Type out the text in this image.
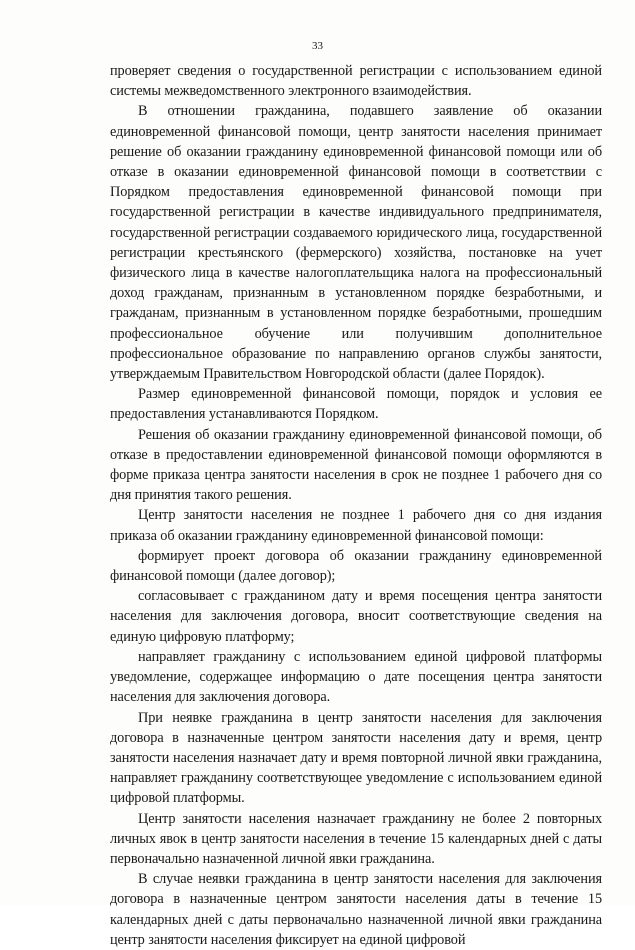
33

проверяет сведения о государственной регистрации с использованием единой системы межведомственного электронного взаимодействия.

В отношении гражданина, подавшего заявление об оказании единовременной финансовой помощи, центр занятости населения принимает решение об оказании гражданину единовременной финансовой помощи или об отказе в оказании единовременной финансовой помощи в соответствии с Порядком предоставления единовременной финансовой помощи при государственной регистрации в качестве индивидуального предпринимателя, государственной регистрации создаваемого юридического лица, государственной регистрации крестьянского (фермерского) хозяйства, постановке на учет физического лица в качестве налогоплательщика налога на профессиональный доход гражданам, признанным в установленном порядке безработными, и гражданам, признанным в установленном порядке безработными, прошедшим профессиональное обучение или получившим дополнительное профессиональное образование по направлению органов службы занятости, утверждаемым Правительством Новгородской области (далее Порядок).

Размер единовременной финансовой помощи, порядок и условия ее предоставления устанавливаются Порядком.

Решения об оказании гражданину единовременной финансовой помощи, об отказе в предоставлении единовременной финансовой помощи оформляются в форме приказа центра занятости населения в срок не позднее 1 рабочего дня со дня принятия такого решения.

Центр занятости населения не позднее 1 рабочего дня со дня издания приказа об оказании гражданину единовременной финансовой помощи:

формирует проект договора об оказании гражданину единовременной финансовой помощи (далее договор);

согласовывает с гражданином дату и время посещения центра занятости населения для заключения договора, вносит соответствующие сведения на единую цифровую платформу;

направляет гражданину с использованием единой цифровой платформы уведомление, содержащее информацию о дате посещения центра занятости населения для заключения договора.

При неявке гражданина в центр занятости населения для заключения договора в назначенные центром занятости населения дату и время, центр занятости населения назначает дату и время повторной личной явки гражданина, направляет гражданину соответствующее уведомление с использованием единой цифровой платформы.

Центр занятости населения назначает гражданину не более 2 повторных личных явок в центр занятости населения в течение 15 календарных дней с даты первоначально назначенной личной явки гражданина.

В случае неявки гражданина в центр занятости населения для заключения договора в назначенные центром занятости населения даты в течение 15 календарных дней с даты первоначально назначенной личной явки гражданина центр занятости населения фиксирует на единой цифровой
